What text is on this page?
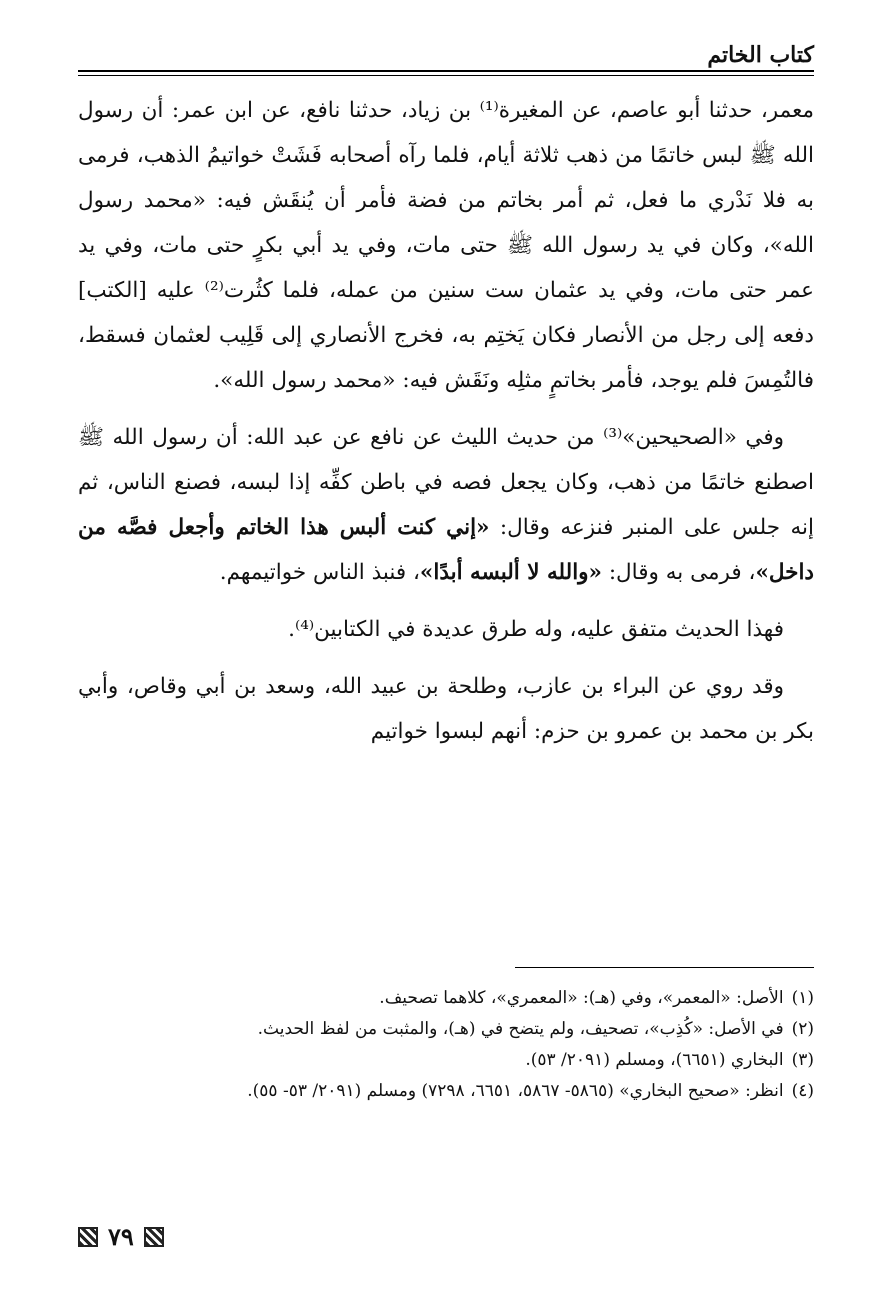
كتاب الخاتم

معمر، حدثنا أبو عاصم، عن المغيرة⁽¹⁾ بن زياد، حدثنا نافع، عن ابن عمر: أن رسول الله ﷺ لبس خاتمًا من ذهب ثلاثة أيام، فلما رآه أصحابه فَشَتْ خواتيمُ الذهب، فرمى به فلا نَدْري ما فعل، ثم أمر بخاتم من فضة فأمر أن يُنقَش فيه: «محمد رسول الله»، وكان في يد رسول الله ﷺ حتى مات، وفي يد أبي بكرٍ حتى مات، وفي يد عمر حتى مات، وفي يد عثمان ست سنين من عمله، فلما كثُرت⁽²⁾ عليه [الكتب] دفعه إلى رجل من الأنصار فكان يَختِم به، فخرج الأنصاري إلى قَلِيب لعثمان فسقط، فالتُمِسَ فلم يوجد، فأمر بخاتمٍ مثلِه ونَقَش فيه: «محمد رسول الله».

وفي «الصحيحين»⁽³⁾ من حديث الليث عن نافع عن عبد الله: أن رسول الله ﷺ اصطنع خاتمًا من ذهب، وكان يجعل فصه في باطن كفِّه إذا لبسه، فصنع الناس، ثم إنه جلس على المنبر فنزعه وقال: «إني كنت ألبس هذا الخاتم وأجعل فصَّه من داخل»، فرمى به وقال: «والله لا ألبسه أبدًا»، فنبذ الناس خواتيمهم.

فهذا الحديث متفق عليه، وله طرق عديدة في الكتابين⁽⁴⁾.

وقد روي عن البراء بن عازب، وطلحة بن عبيد الله، وسعد بن أبي وقاص، وأبي بكر بن محمد بن عمرو بن حزم: أنهم لبسوا خواتيم

(١)
الأصل: «المعمر»، وفي (هـ): «المعمري»، كلاهما تصحيف.
(٢)
في الأصل: «كُذِب»، تصحيف، ولم يتضح في (هـ)، والمثبت من لفظ الحديث.
(٣)
البخاري (٦٦٥١)، ومسلم (٢٠٩١/ ٥٣).
(٤)
انظر: «صحيح البخاري» (٥٨٦٥- ٥٨٦٧، ٦٦٥١، ٧٢٩٨) ومسلم (٢٠٩١/ ٥٣- ٥٥).
٧٩
